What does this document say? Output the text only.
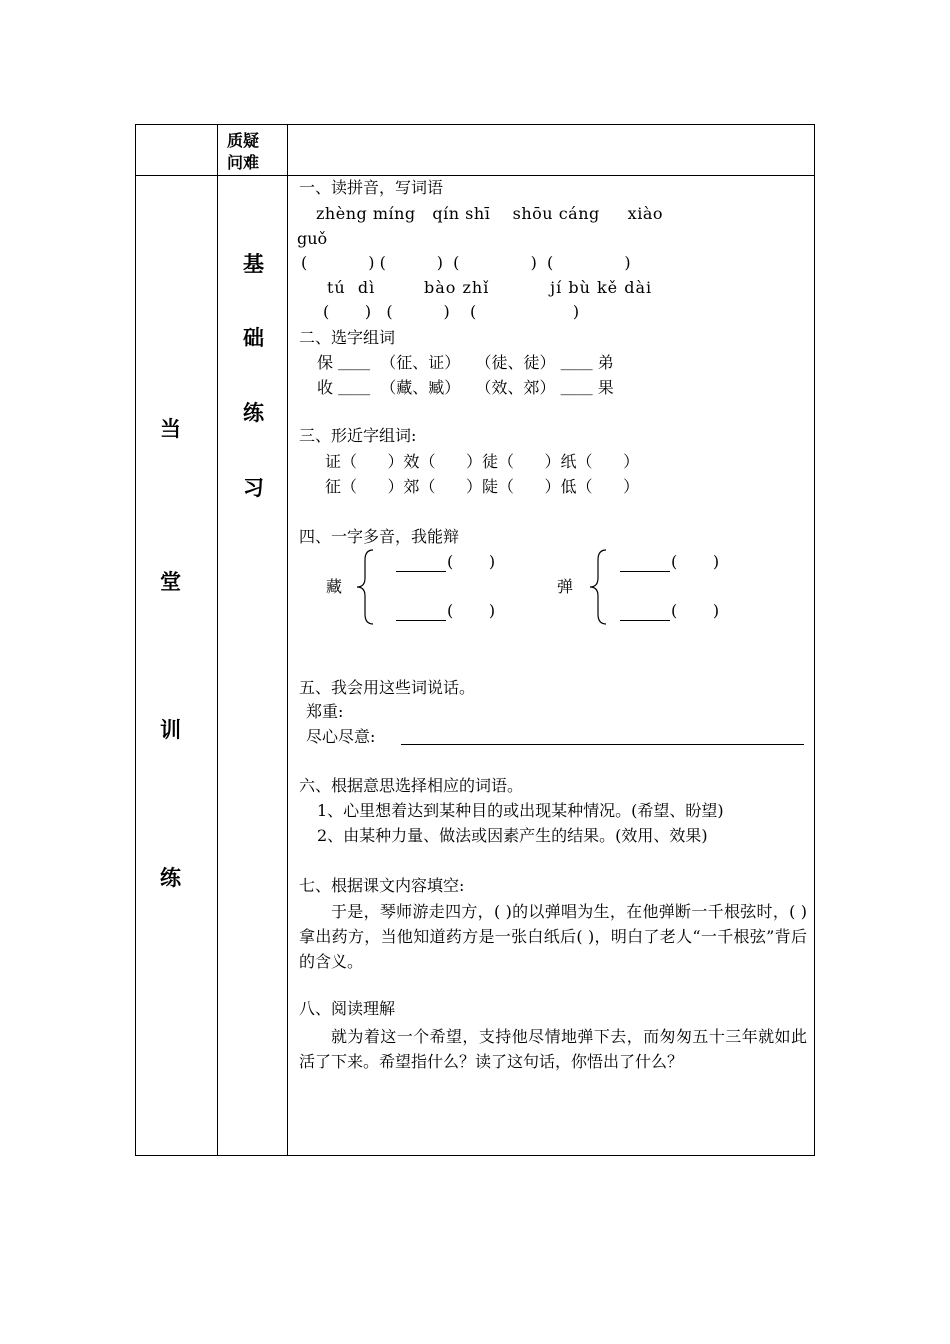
质疑
问难
当
堂
训
练
基
础
练
习
一、读拼音，写词语
zhèng míng   qín shī    shōu cáng     xiào
guǒ
(            ) (          )  (              )  (              )
tú  dì        bào zhǐ          jí bù kě dài
(       )   (          )    (                   )
二、选字组词
保 ＿＿  （征、证）   （徒、徒） ＿＿ 弟
收 ＿＿  （藏、臧）   （效、郊） ＿＿ 果
三、形近字组词:
证（      ）效（      ）徒（      ）纸（      ）
征（      ）郊（      ）陡（      ）低（      ）
四、一字多音，我能辩
藏
(       )
(       )
弹
(       )
(       )
五、我会用这些词说话。
郑重:
尽心尽意:
六、根据意思选择相应的词语。
1、心里想着达到某种目的或出现某种情况。(希望、盼望)
2、由某种力量、做法或因素产生的结果。(效用、效果)
七、根据课文内容填空:
于是，琴师游走四方，( )的以弹唱为生，在他弹断一千根弦时，( )拿出药方，当他知道药方是一张白纸后( )，明白了老人“一千根弦”背后的含义。
八、阅读理解
就为着这一个希望，支持他尽情地弹下去，而匆匆五十三年就如此活了下来。希望指什么？读了这句话，你悟出了什么？
